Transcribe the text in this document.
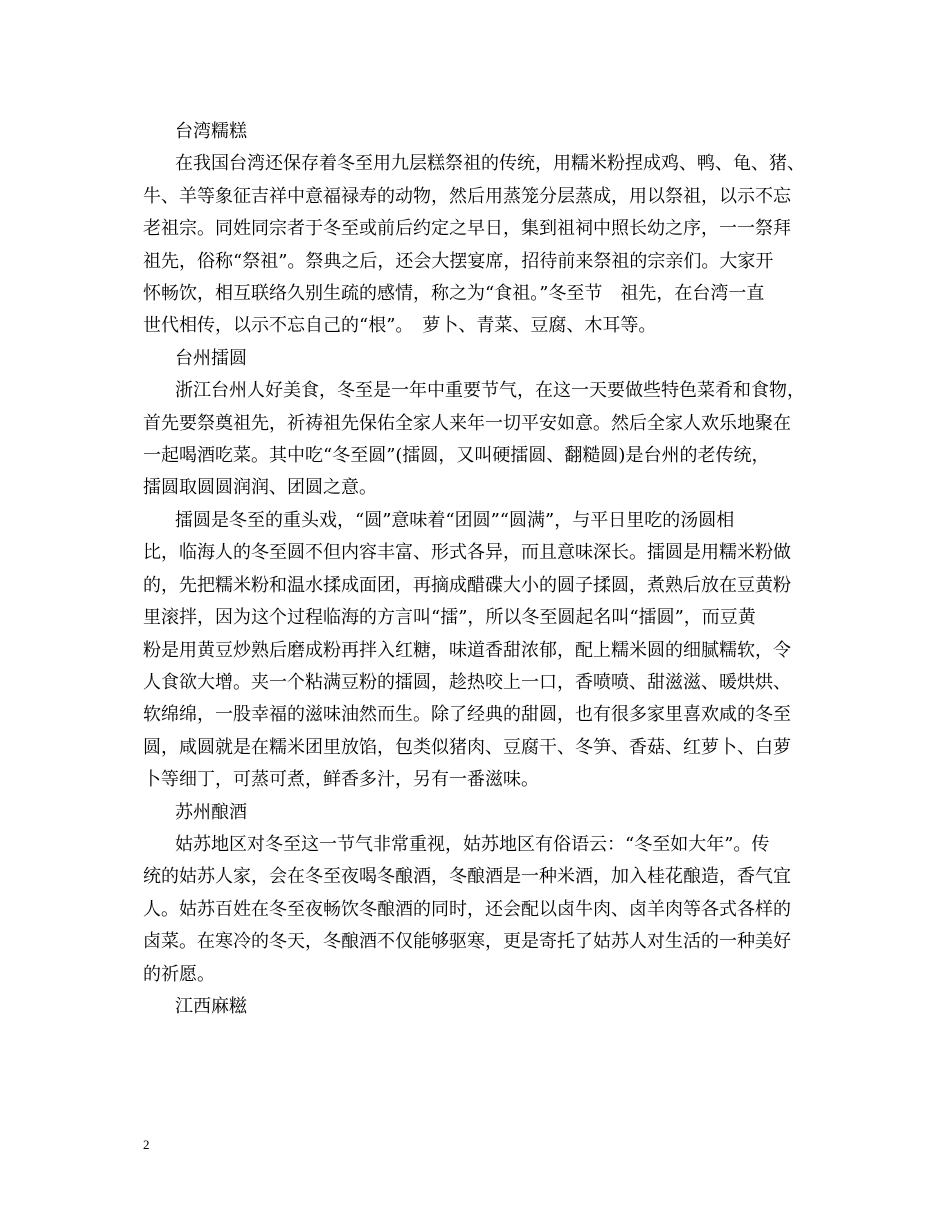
台湾糯糕

在我国台湾还保存着冬至用九层糕祭祖的传统，用糯米粉捏成鸡、鸭、龟、猪、
牛、羊等象征吉祥中意福禄寿的动物，然后用蒸笼分层蒸成，用以祭祖，以示不忘
老祖宗。同姓同宗者于冬至或前后约定之早日，集到祖祠中照长幼之序，一一祭拜
祖先，俗称“祭祖”。祭典之后，还会大摆宴席，招待前来祭祖的宗亲们。大家开
怀畅饮，相互联络久别生疏的感情，称之为“食祖。”冬至节　祖先，在台湾一直
世代相传，以示不忘自己的“根”。　萝卜、青菜、豆腐、木耳等。

台州擂圆

浙江台州人好美食，冬至是一年中重要节气，在这一天要做些特色菜肴和食物，
首先要祭奠祖先，祈祷祖先保佑全家人来年一切平安如意。然后全家人欢乐地聚在
一起喝酒吃菜。其中吃“冬至圆”(擂圆，又叫硬擂圆、翻糙圆)是台州的老传统，
擂圆取圆圆润润、团圆之意。

擂圆是冬至的重头戏，“圆”意味着“团圆”“圆满”，与平日里吃的汤圆相
比，临海人的冬至圆不但内容丰富、形式各异，而且意味深长。擂圆是用糯米粉做
的，先把糯米粉和温水揉成面团，再摘成醋碟大小的圆子揉圆，煮熟后放在豆黄粉
里滚拌，因为这个过程临海的方言叫“擂”，所以冬至圆起名叫“擂圆”，而豆黄
粉是用黄豆炒熟后磨成粉再拌入红糖，味道香甜浓郁，配上糯米圆的细腻糯软，令
人食欲大增。夹一个粘满豆粉的擂圆，趁热咬上一口，香喷喷、甜滋滋、暖烘烘、
软绵绵，一股幸福的滋味油然而生。除了经典的甜圆，也有很多家里喜欢咸的冬至
圆，咸圆就是在糯米团里放馅，包类似猪肉、豆腐干、冬笋、香菇、红萝卜、白萝
卜等细丁，可蒸可煮，鲜香多汁，另有一番滋味。

苏州酿酒

姑苏地区对冬至这一节气非常重视，姑苏地区有俗语云：“冬至如大年”。传
统的姑苏人家，会在冬至夜喝冬酿酒，冬酿酒是一种米酒，加入桂花酿造，香气宜
人。姑苏百姓在冬至夜畅饮冬酿酒的同时，还会配以卤牛肉、卤羊肉等各式各样的
卤菜。在寒冷的冬天，冬酿酒不仅能够驱寒，更是寄托了姑苏人对生活的一种美好
的祈愿。

江西麻糍

2
